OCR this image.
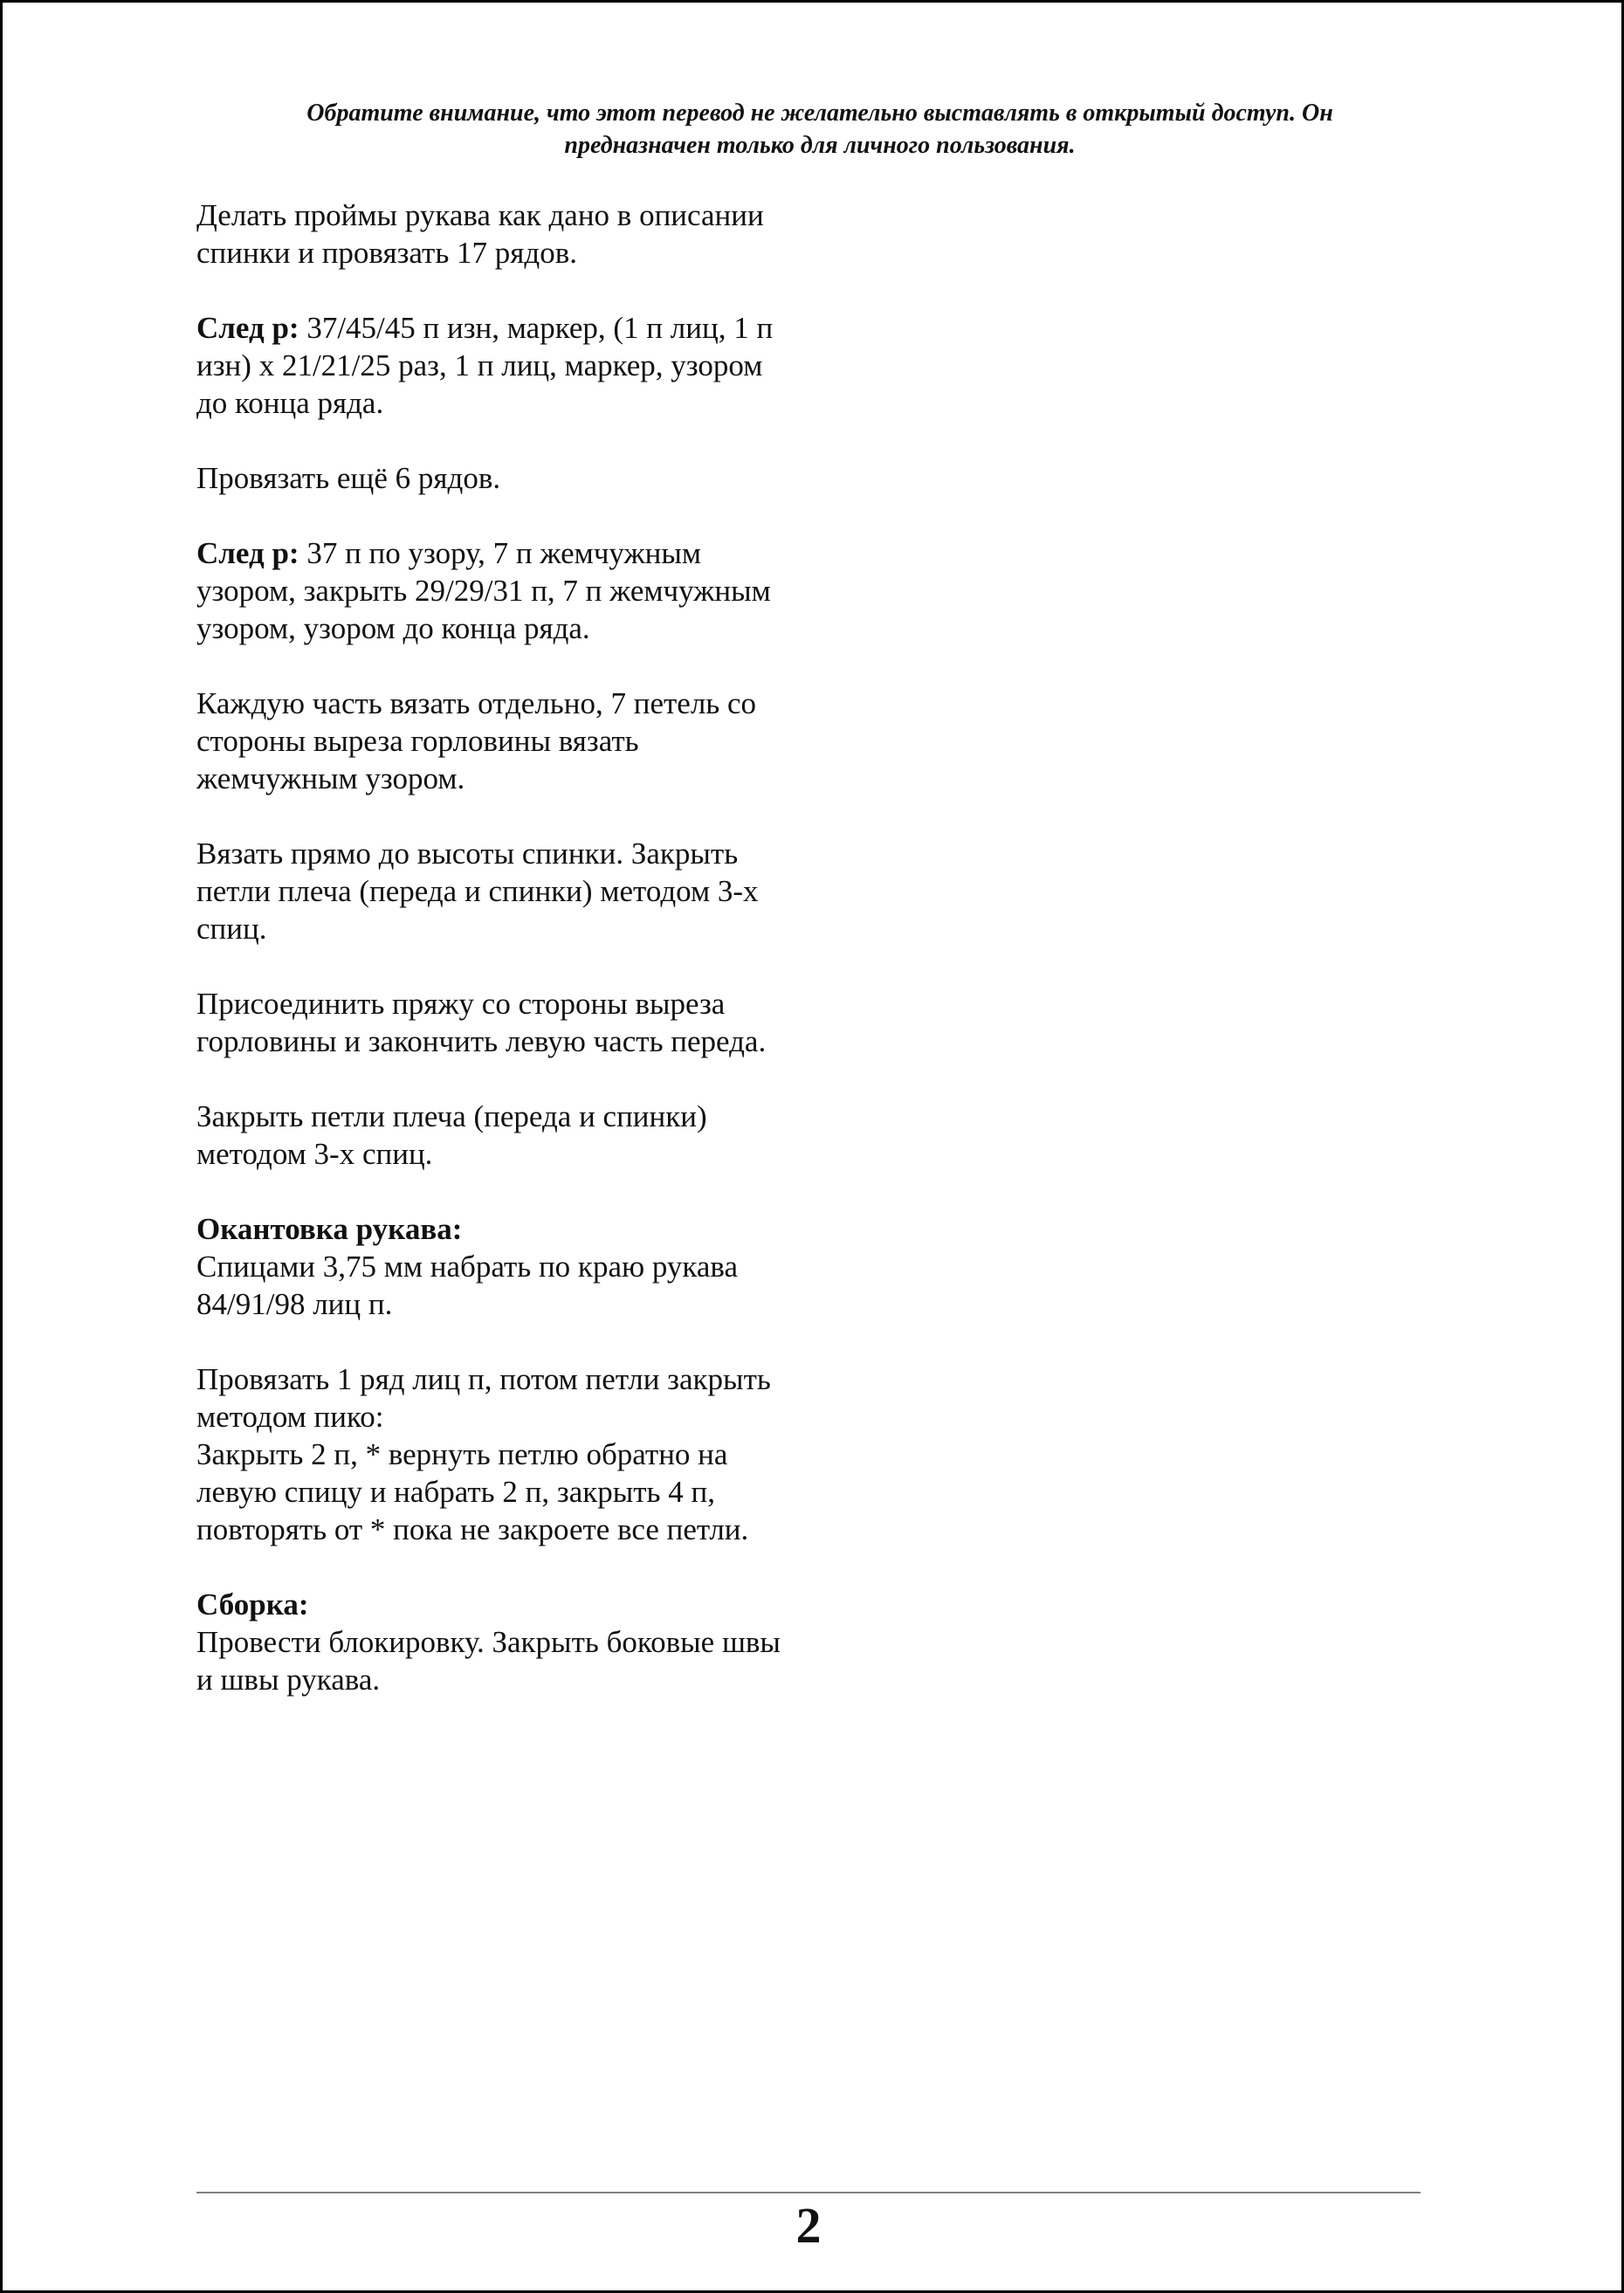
Обратите внимание, что этот перевод не желательно выставлять в открытый доступ. Он
предназначен только для личного пользования.

Делать проймы рукава как дано в описании спинки и провязать 17 рядов.

След р: 37/45/45 п изн, маркер, (1 п лиц, 1 п изн) х 21/21/25 раз, 1 п лиц, маркер, узором до конца ряда.

Провязать ещё 6 рядов.

След р: 37 п по узору, 7 п жемчужным узором, закрыть 29/29/31 п, 7 п жемчужным узором, узором до конца ряда.

Каждую часть вязать отдельно, 7 петель со стороны выреза горловины вязать жемчужным узором.

Вязать прямо до высоты спинки. Закрыть петли плеча (переда и спинки) методом 3-х спиц.

Присоединить пряжу со стороны выреза горловины и закончить левую часть переда.

Закрыть петли плеча (переда и спинки) методом 3-х спиц.

Окантовка рукава:
Спицами 3,75 мм набрать по краю рукава 84/91/98 лиц п.

Провязать 1 ряд лиц п, потом петли закрыть методом пико:

Закрыть 2 п, * вернуть петлю обратно на левую спицу и набрать 2 п, закрыть 4 п, повторять от * пока не закроете все петли.

Сборка:
Провести блокировку. Закрыть боковые швы и швы рукава.

2
